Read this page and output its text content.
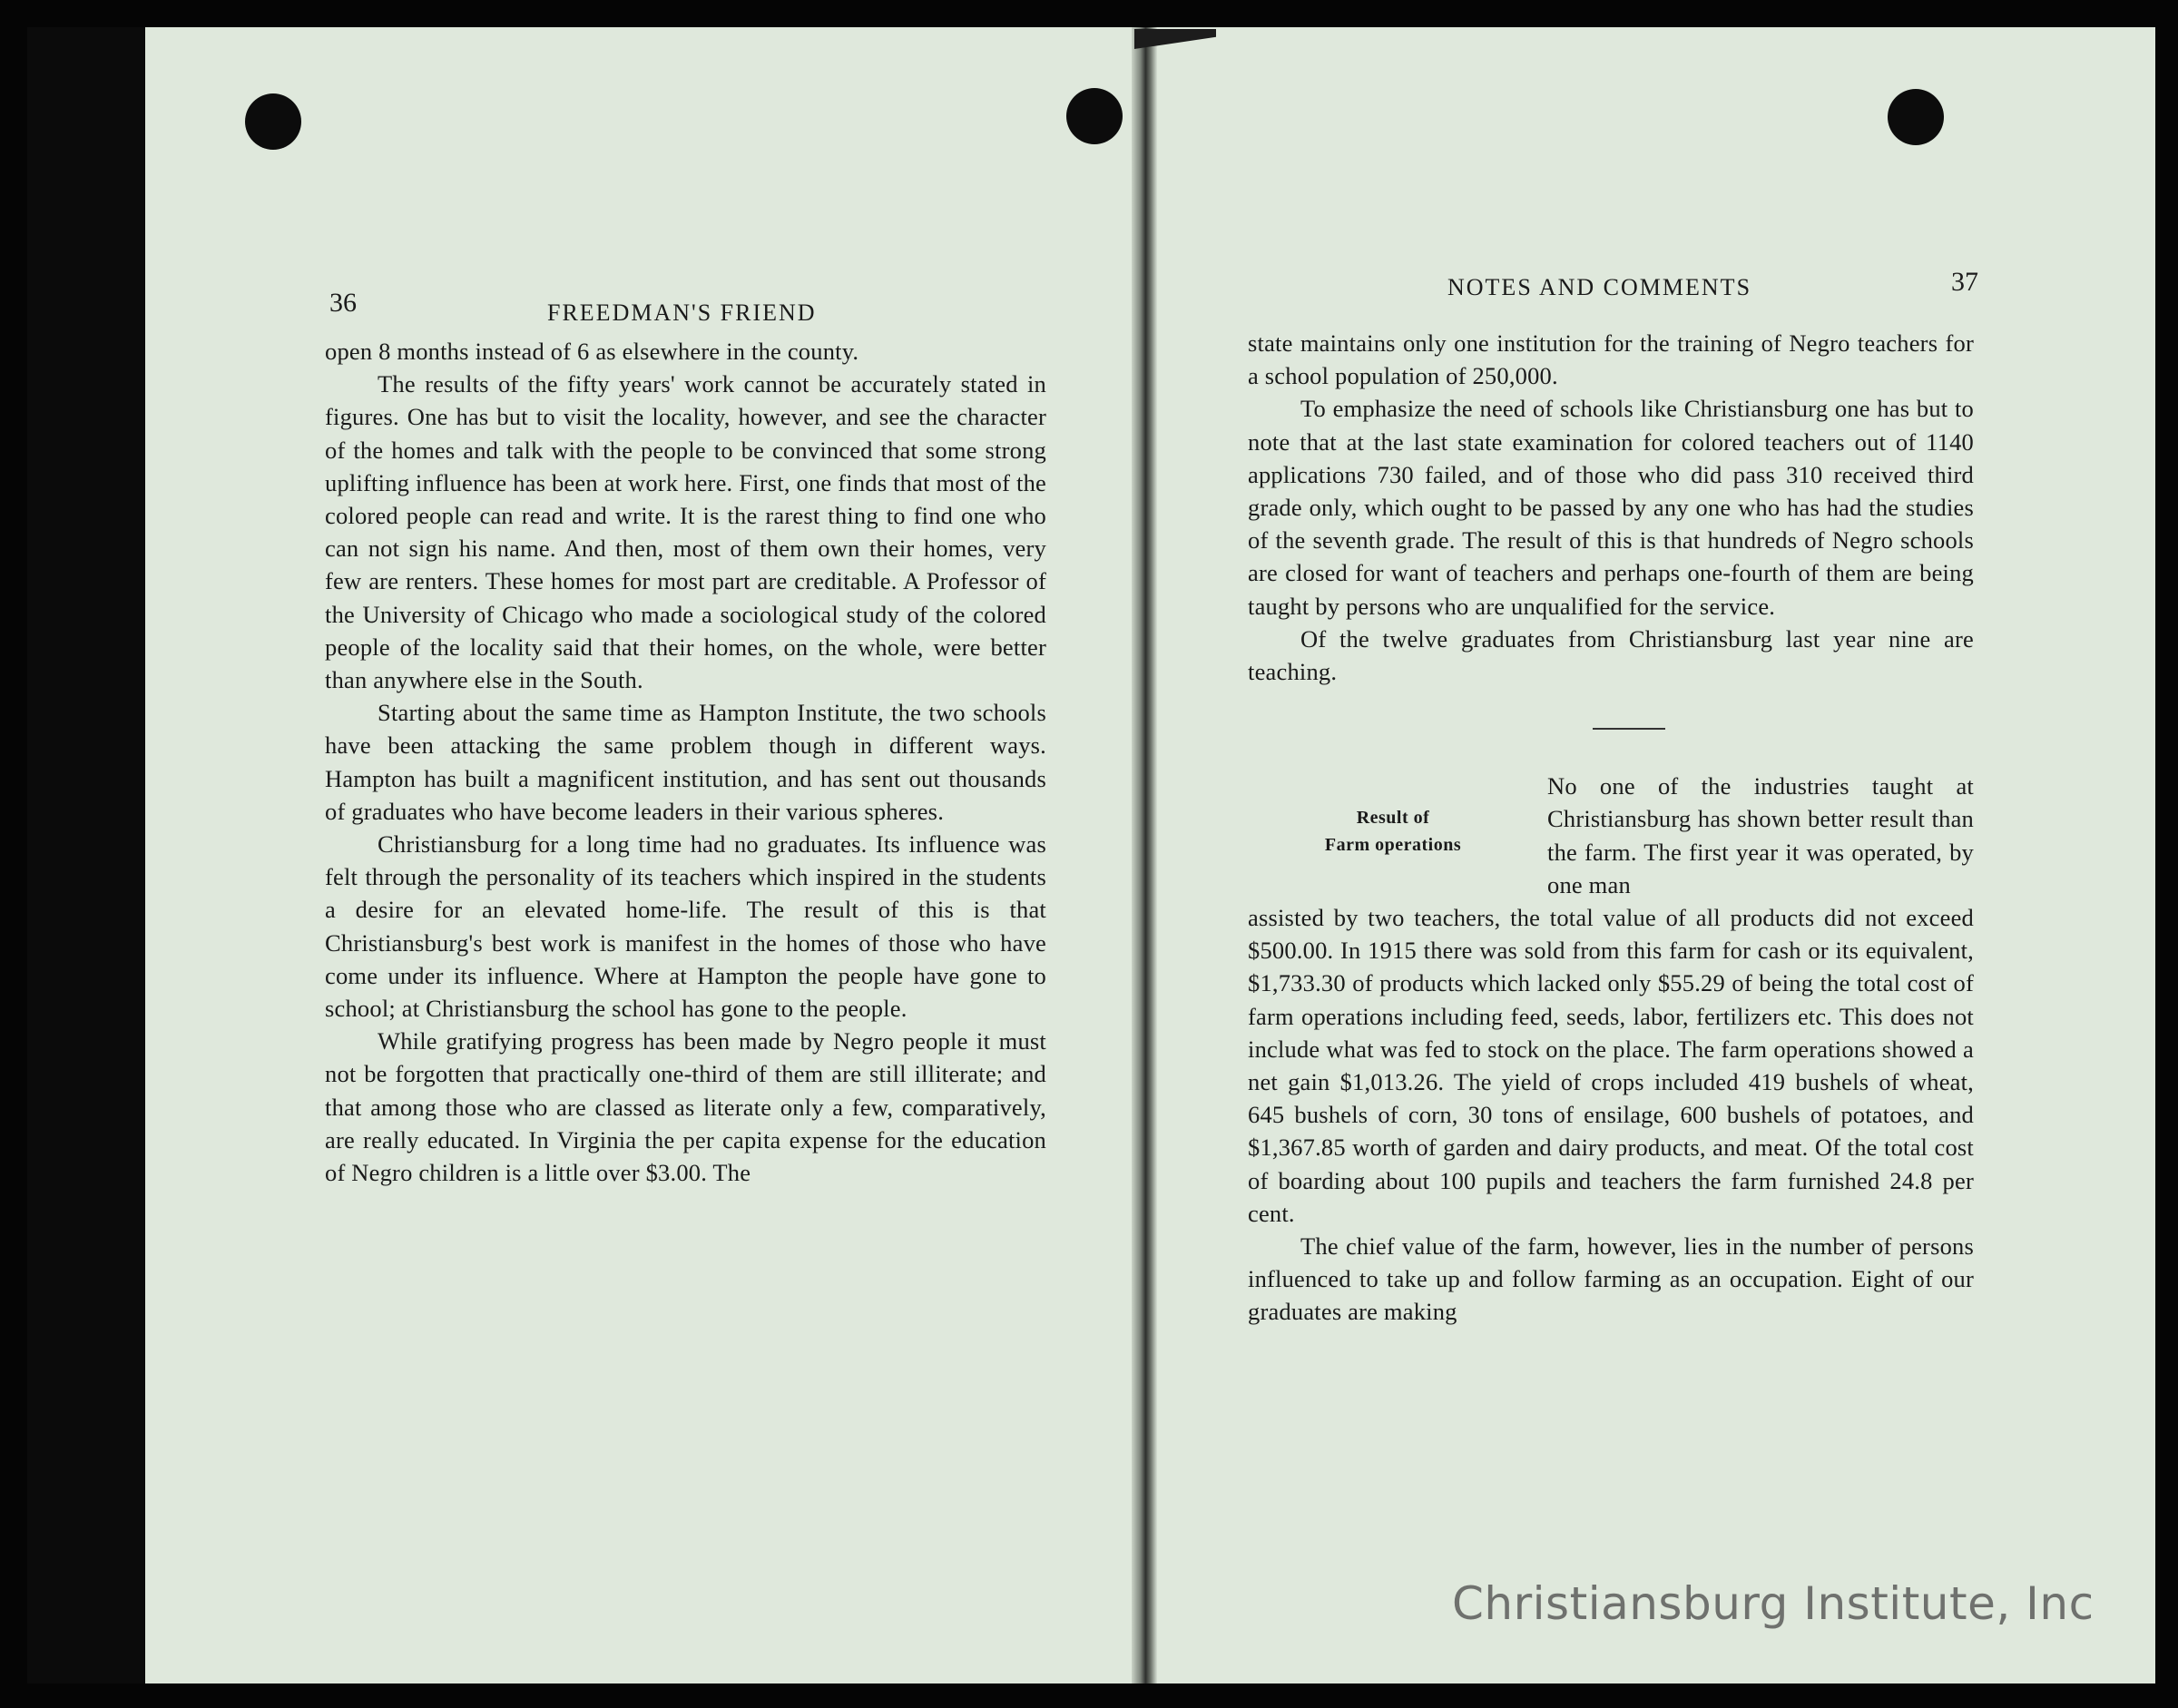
36	FREEDMAN'S FRIEND

open 8 months instead of 6 as elsewhere in the county.

The results of the fifty years' work cannot be accurately stated in figures. One has but to visit the locality, however, and see the character of the homes and talk with the people to be convinced that some strong uplifting influence has been at work here. First, one finds that most of the colored people can read and write. It is the rarest thing to find one who can not sign his name. And then, most of them own their homes, very few are renters. These homes for most part are creditable. A Professor of the University of Chicago who made a sociological study of the colored people of the locality said that their homes, on the whole, were better than anywhere else in the South.

Starting about the same time as Hampton Institute, the two schools have been attacking the same problem though in different ways. Hampton has built a magnificent institution, and has sent out thousands of graduates who have become leaders in their various spheres.

Christiansburg for a long time had no graduates. Its influence was felt through the personality of its teachers which inspired in the students a desire for an elevated home-life. The result of this is that Christiansburg's best work is manifest in the homes of those who have come under its influence. Where at Hampton the people have gone to school; at Christiansburg the school has gone to the people.

While gratifying progress has been made by Negro people it must not be forgotten that practically one-third of them are still illiterate; and that among those who are classed as literate only a few, comparatively, are really educated. In Virginia the per capita expense for the education of Negro children is a little over $3.00. The

NOTES AND COMMENTS	37

state maintains only one institution for the training of Negro teachers for a school population of 250,000.

To emphasize the need of schools like Christiansburg one has but to note that at the last state examination for colored teachers out of 1140 applications 730 failed, and of those who did pass 310 received third grade only, which ought to be passed by any one who has had the studies of the seventh grade. The result of this is that hundreds of Negro schools are closed for want of teachers and perhaps one-fourth of them are being taught by persons who are unqualified for the service.

Of the twelve graduates from Christiansburg last year nine are teaching.

Result of
Farm operations

No one of the industries taught at Christiansburg has shown better result than the farm. The first year it was operated, by one man

assisted by two teachers, the total value of all products did not exceed $500.00. In 1915 there was sold from this farm for cash or its equivalent, $1,733.30 of products which lacked only $55.29 of being the total cost of farm operations including feed, seeds, labor, fertilizers etc. This does not include what was fed to stock on the place. The farm operations showed a net gain $1,013.26. The yield of crops included 419 bushels of wheat, 645 bushels of corn, 30 tons of ensilage, 600 bushels of potatoes, and $1,367.85 worth of garden and dairy products, and meat. Of the total cost of boarding about 100 pupils and teachers the farm furnished 24.8 per cent.

The chief value of the farm, however, lies in the number of persons influenced to take up and follow farming as an occupation. Eight of our graduates are making

Christiansburg Institute, Inc
